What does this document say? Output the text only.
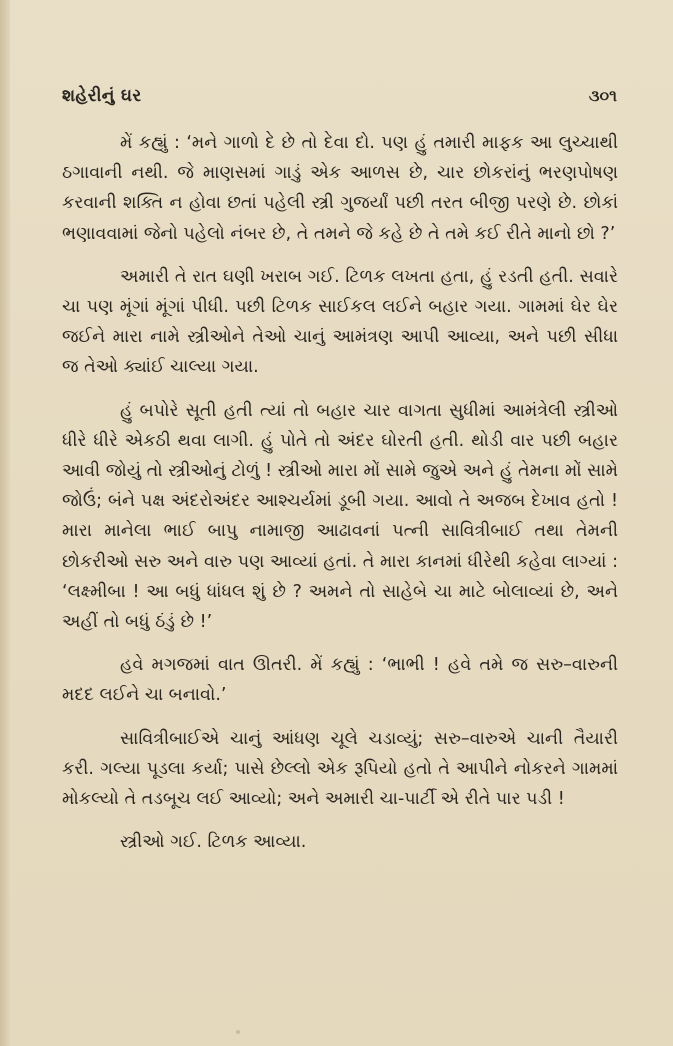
શહેરીનું ઘર	૩૦૧

મેં કહ્યું : ‘મને ગાળો દે છે તો દેવા દો. પણ હું તમારી માફક આ લુચ્ચાથી ઠગાવાની નથી. જે માણસમાં ગાડું એક આળસ છે, ચાર છોકરાંનું ભરણપોષણ કરવાની શક્તિ ન હોવા છતાં પહેલી સ્ત્રી ગુજર્યાં પછી તરત બીજી પરણે છે. છોકાં ભણાવવામાં જેનો પહેલો નંબર છે, તે તમને જે કહે છે તે તમે કઈ રીતે માનો છો ?’

અમારી તે રાત ઘણી ખરાબ ગઈ. ટિળક લખતા હતા, હું રડતી હતી. સવારે ચા પણ મૂંગાં મૂંગાં પીધી. પછી ટિળક સાઈકલ લઈને બહાર ગયા. ગામમાં ઘેર ઘેર જઈને મારા નામે સ્ત્રીઓને તેઓ ચાનું આમંત્રણ આપી આવ્યા, અને પછી સીધા જ તેઓ ક્યાંઈ ચાલ્યા ગયા.

હું બપોરે સૂતી હતી ત્યાં તો બહાર ચાર વાગતા સુધીમાં આમંત્રેલી સ્ત્રીઓ ધીરે ધીરે એકઠી થવા લાગી. હું પોતે તો અંદર ઘોરતી હતી. થોડી વાર પછી બહાર આવી જોયું તો સ્ત્રીઓનું ટોળું ! સ્ત્રીઓ મારા મોં સામે જુએ અને હું તેમના મોં સામે જોઉં; બંને પક્ષ અંદરોઅંદર આશ્ચર્યમાં ડૂબી ગયા. આવો તે અજબ દેખાવ હતો ! મારા માનેલા ભાઈ બાપુ નામાજી આઢાવનાં પત્ની સાવિત્રીબાઈ તથા તેમની છોકરીઓ સરુ અને વારુ પણ આવ્યાં હતાં. તે મારા કાનમાં ધીરેથી કહેવા લાગ્યાં : ‘લક્ષ્મીબા ! આ બધું ધાંધલ શું છે ? અમને તો સાહેબે ચા માટે બોલાવ્યાં છે, અને અહીં તો બધું ઠંડું છે !’

હવે મગજમાં વાત ઊતરી. મેં કહ્યું : ‘ભાભી ! હવે તમે જ સરુ–વારુની મદદ લઈને ચા બનાવો.’

સાવિત્રીબાઈએ ચાનું આંધણ ચૂલે ચડાવ્યું; સરુ–વારુએ ચાની તૈયારી કરી. ગલ્યા પૂડલા કર્યા; પાસે છેલ્લો એક રૂપિયો હતો તે આપીને નોકરને ગામમાં મોકલ્યો તે તડબૂચ લઈ આવ્યો; અને અમારી ચા-પાર્ટી એ રીતે પાર પડી !

સ્ત્રીઓ ગઈ. ટિળક આવ્યા.
